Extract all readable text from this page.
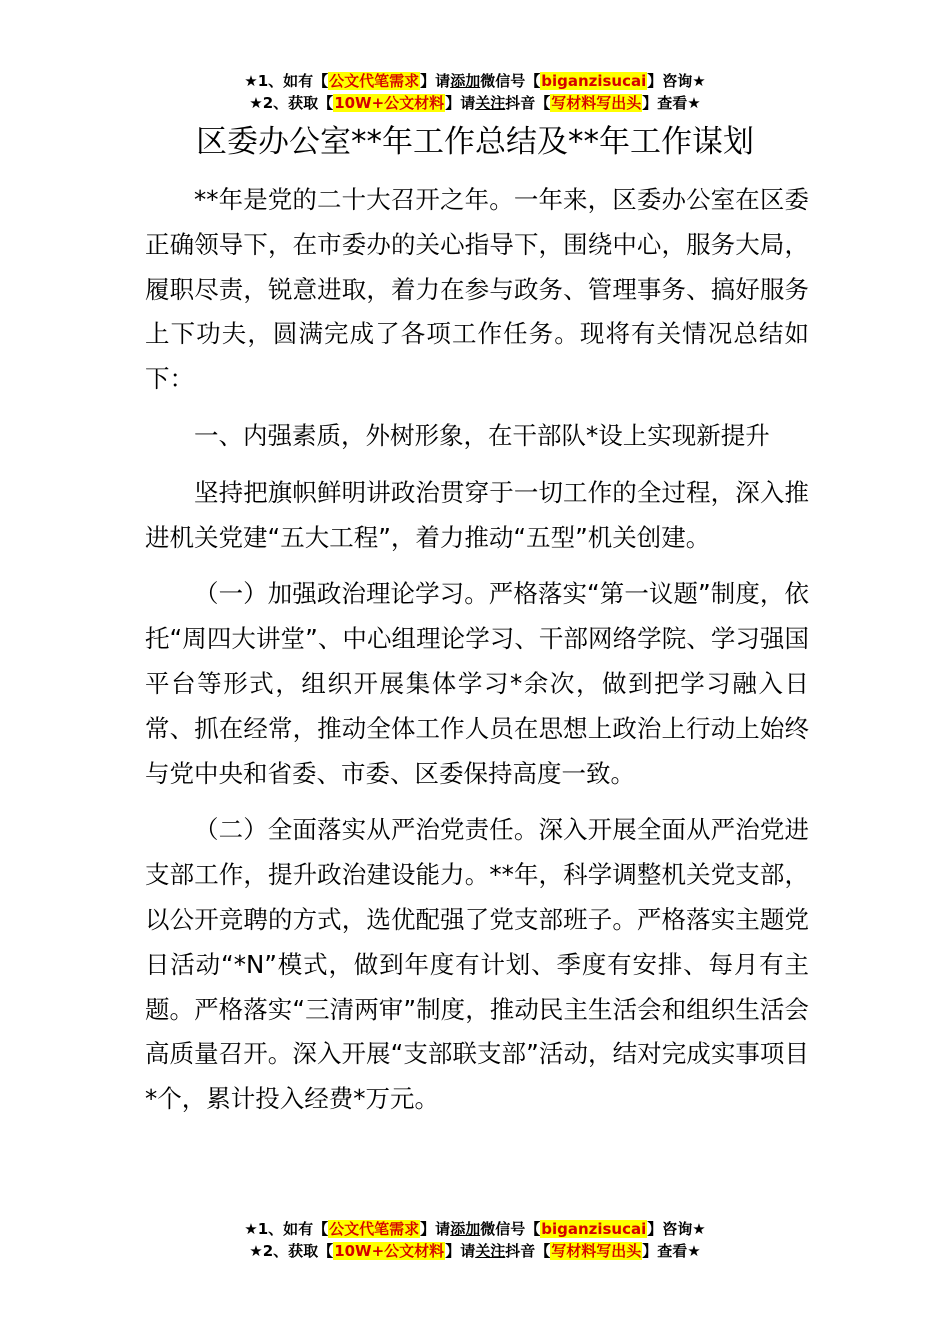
★1、如有【公文代笔需求】请添加微信号【biganzisucai】咨询★
★2、获取【10W+公文材料】请关注抖音【写材料写出头】查看★
区委办公室**年工作总结及**年工作谋划

**年是党的二十大召开之年。一年来，区委办公室在区委正确领导下，在市委办的关心指导下，围绕中心，服务大局，履职尽责，锐意进取，着力在参与政务、管理事务、搞好服务上下功夫，圆满完成了各项工作任务。现将有关情况总结如下：

一、内强素质，外树形象，在干部队*设上实现新提升

坚持把旗帜鲜明讲政治贯穿于一切工作的全过程，深入推进机关党建“五大工程”，着力推动“五型”机关创建。

（一）加强政治理论学习。严格落实“第一议题”制度，依托“周四大讲堂”、中心组理论学习、干部网络学院、学习强国平台等形式，组织开展集体学习*余次，做到把学习融入日常、抓在经常，推动全体工作人员在思想上政治上行动上始终与党中央和省委、市委、区委保持高度一致。

（二）全面落实从严治党责任。深入开展全面从严治党进支部工作，提升政治建设能力。**年，科学调整机关党支部，以公开竞聘的方式，选优配强了党支部班子。严格落实主题党日活动“*N”模式，做到年度有计划、季度有安排、每月有主题。严格落实“三清两审”制度，推动民主生活会和组织生活会高质量召开。深入开展“支部联支部”活动，结对完成实事项目*个，累计投入经费*万元。

★1、如有【公文代笔需求】请添加微信号【biganzisucai】咨询★
★2、获取【10W+公文材料】请关注抖音【写材料写出头】查看★
